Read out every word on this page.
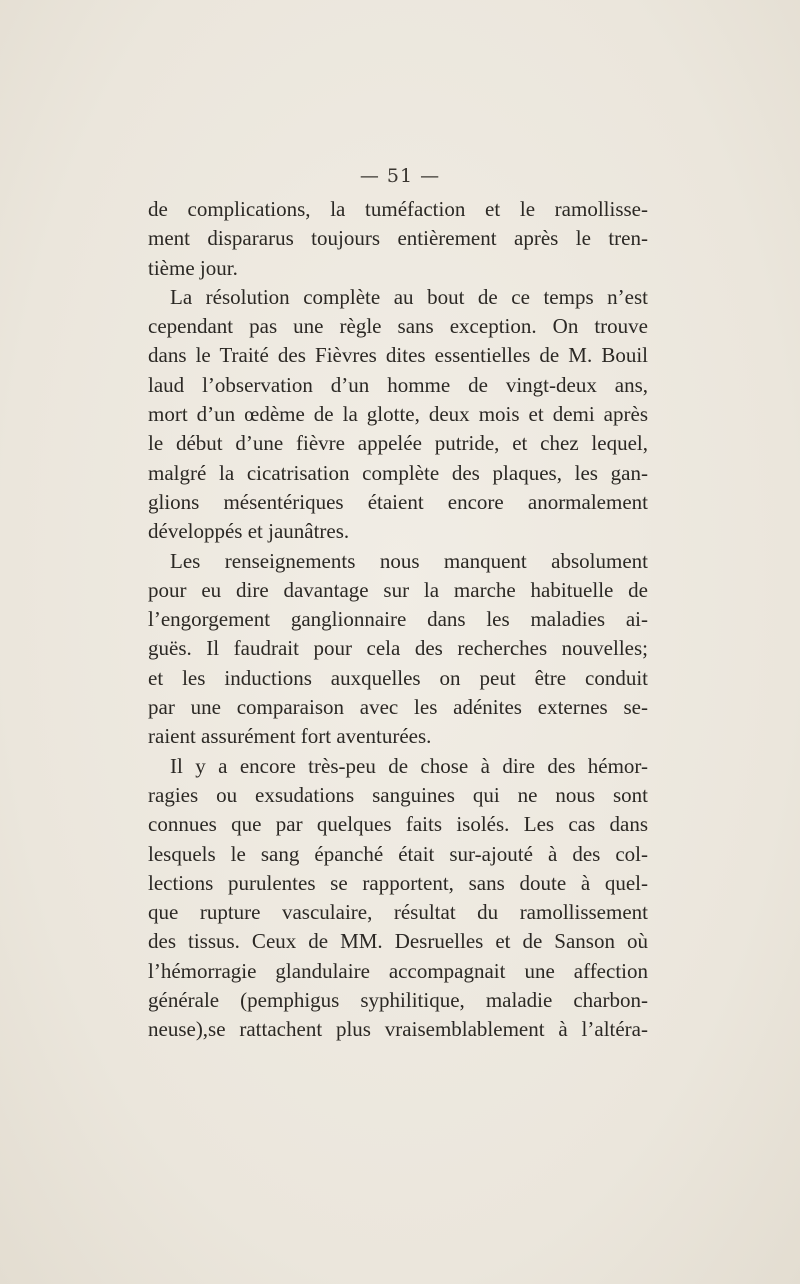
— 51 —
de complications, la tuméfaction et le ramollisse-
ment dispararus toujours entièrement après le tren-
tième jour.
La résolution complète au bout de ce temps n’est
cependant pas une règle sans exception. On trouve
dans le Traité des Fièvres dites essentielles de M. Bouil
laud l’observation d’un homme de vingt-deux ans,
mort d’un œdème de la glotte, deux mois et demi après
le début d’une fièvre appelée putride, et chez lequel,
malgré la cicatrisation complète des plaques, les gan-
glions mésentériques étaient encore anormalement
développés et jaunâtres.
Les renseignements nous manquent absolument
pour eu dire davantage sur la marche habituelle de
l’engorgement ganglionnaire dans les maladies ai-
guës. Il faudrait pour cela des recherches nouvelles;
et les inductions auxquelles on peut être conduit
par une comparaison avec les adénites externes se-
raient assurément fort aventurées.
Il y a encore très-peu de chose à dire des hémor-
ragies ou exsudations sanguines qui ne nous sont
connues que par quelques faits isolés. Les cas dans
lesquels le sang épanché était sur-ajouté à des col-
lections purulentes se rapportent, sans doute à quel-
que rupture vasculaire, résultat du ramollissement
des tissus. Ceux de MM. Desruelles et de Sanson où
l’hémorragie glandulaire accompagnait une affection
générale (pemphigus syphilitique, maladie charbon-
neuse),se rattachent plus vraisemblablement à l’altéra-
